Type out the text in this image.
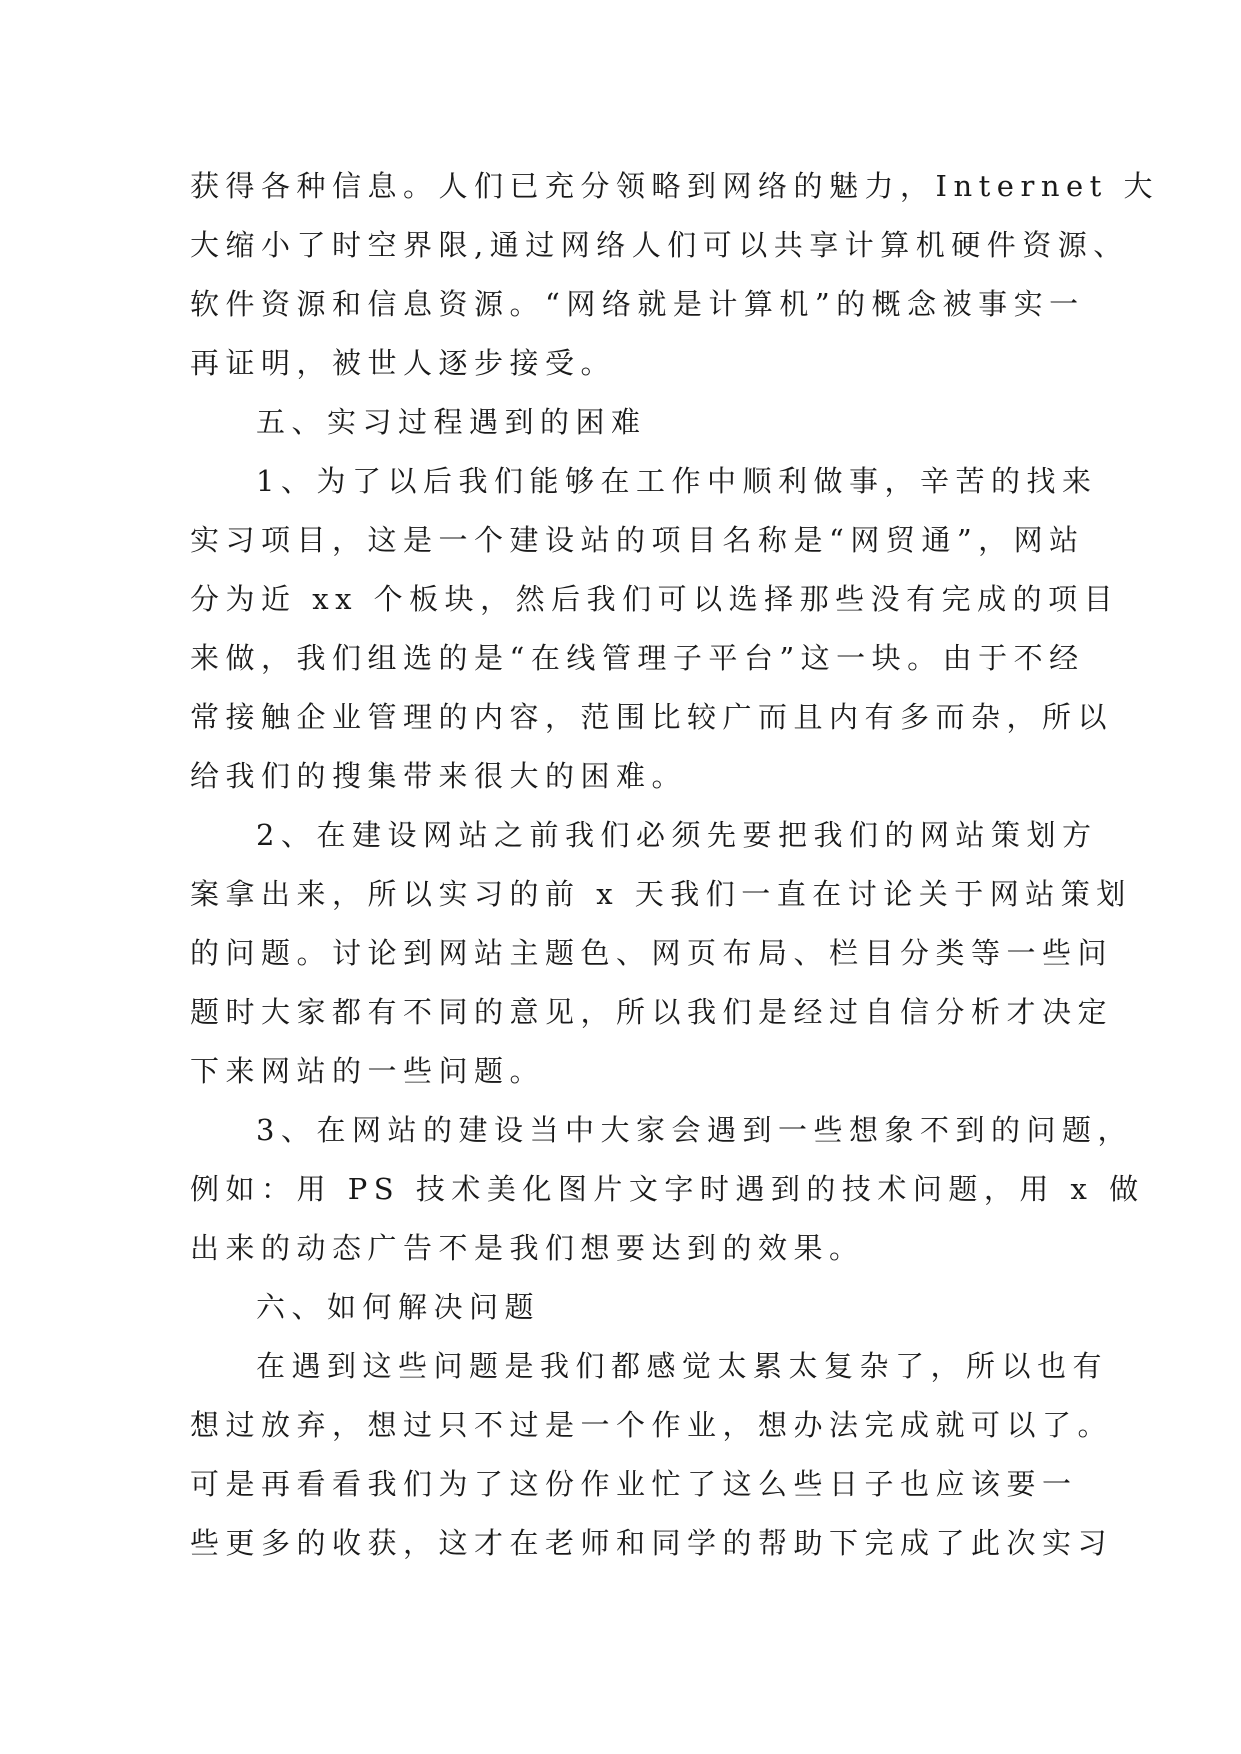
获得各种信息。人们已充分领略到网络的魅力，Internet 大
大缩小了时空界限,通过网络人们可以共享计算机硬件资源、
软件资源和信息资源。“网络就是计算机”的概念被事实一
再证明，被世人逐步接受。
五、实习过程遇到的困难
1、为了以后我们能够在工作中顺利做事，辛苦的找来
实习项目，这是一个建设站的项目名称是“网贸通”，网站
分为近 xx 个板块，然后我们可以选择那些没有完成的项目
来做，我们组选的是“在线管理子平台”这一块。由于不经
常接触企业管理的内容，范围比较广而且内有多而杂，所以
给我们的搜集带来很大的困难。
2、在建设网站之前我们必须先要把我们的网站策划方
案拿出来，所以实习的前 x 天我们一直在讨论关于网站策划
的问题。讨论到网站主题色、网页布局、栏目分类等一些问
题时大家都有不同的意见，所以我们是经过自信分析才决定
下来网站的一些问题。
3、在网站的建设当中大家会遇到一些想象不到的问题，
例如：用 PS 技术美化图片文字时遇到的技术问题，用 x 做
出来的动态广告不是我们想要达到的效果。
六、如何解决问题
在遇到这些问题是我们都感觉太累太复杂了，所以也有
想过放弃，想过只不过是一个作业，想办法完成就可以了。
可是再看看我们为了这份作业忙了这么些日子也应该要一
些更多的收获，这才在老师和同学的帮助下完成了此次实习
